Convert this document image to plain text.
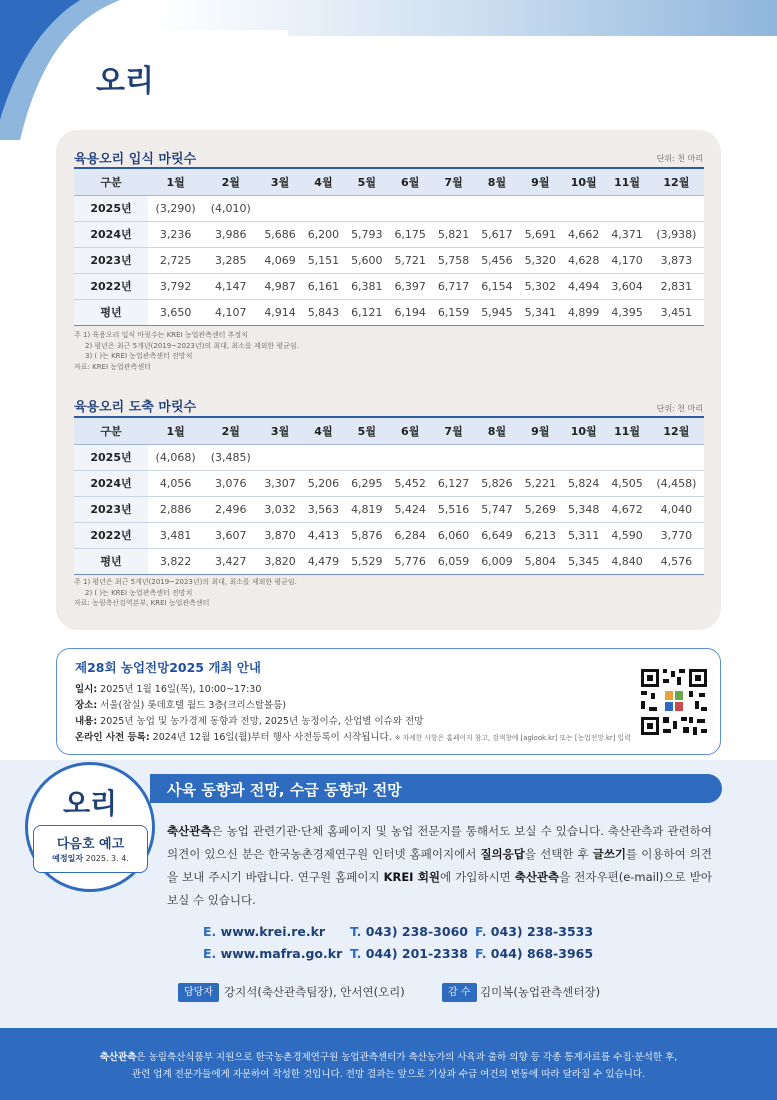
오리
육용오리 입식 마릿수	단위: 천 마리
구분	1월	2월	3월	4월	5월	6월	7월	8월	9월	10월	11월	12월
2025년	(3,290)	(4,010)										
2024년	3,236	3,986	5,686	6,200	5,793	6,175	5,821	5,617	5,691	4,662	4,371	(3,938)
2023년	2,725	3,285	4,069	5,151	5,600	5,721	5,758	5,456	5,320	4,628	4,170	3,873
2022년	3,792	4,147	4,987	6,161	6,381	6,397	6,717	6,154	5,302	4,494	3,604	2,831
평년	3,650	4,107	4,914	5,843	6,121	6,194	6,159	5,945	5,341	4,899	4,395	3,451
주 1) 육용오리 입식 마릿수는 KREI 농업관측센터 추정치
2) 평년은 최근 5개년(2019~2023년)의 최대, 최소를 제외한 평균임.
3) ( )는 KREI 농업관측센터 전망치
자료: KREI 농업관측센터
육용오리 도축 마릿수	단위: 천 마리
구분	1월	2월	3월	4월	5월	6월	7월	8월	9월	10월	11월	12월
2025년	(4,068)	(3,485)										
2024년	4,056	3,076	3,307	5,206	6,295	5,452	6,127	5,826	5,221	5,824	4,505	(4,458)
2023년	2,886	2,496	3,032	3,563	4,819	5,424	5,516	5,747	5,269	5,348	4,672	4,040
2022년	3,481	3,607	3,870	4,413	5,876	6,284	6,060	6,649	6,213	5,311	4,590	3,770
평년	3,822	3,427	3,820	4,479	5,529	5,776	6,059	6,009	5,804	5,345	4,840	4,576
주 1) 평년은 최근 5개년(2019~2023년)의 최대, 최소를 제외한 평균임.
2) ( )는 KREI 농업관측센터 전망치
자료: 농림축산검역본부, KREI 농업관측센터
제28회 농업전망2025 개최 안내
일시: 2025년 1월 16일(목), 10:00~17:30
장소: 서울(잠실) 롯데호텔 월드 3층(크리스탈볼룸)
내용: 2025년 농업 및 농가경제 동향과 전망, 2025년 농정이슈, 산업별 이슈와 전망
온라인 사전 등록: 2024년 12월 16일(월)부터 행사 사전등록이 시작됩니다. ※ 자세한 사항은 홈페이지 참고, 검색창에 [aglook.kr] 또는 [농업전망.kr] 입력
오리
다음호 예고
예정일자 2025. 3. 4.
사육 동향과 전망, 수급 동향과 전망
축산관측은 농업 관련기관·단체 홈페이지 및 농업 전문지를 통해서도 보실 수 있습니다. 축산관측과 관련하여 의견이 있으신 분은 한국농촌경제연구원 인터넷 홈페이지에서 질의응답을 선택한 후 글쓰기를 이용하여 의견을 보내 주시기 바랍니다. 연구원 홈페이지 KREI 회원에 가입하시면 축산관측을 전자우편(e-mail)으로 받아보실 수 있습니다.
E. www.krei.re.kr T. 043) 238-3060 F. 043) 238-3533
E. www.mafra.go.kr T. 044) 201-2338 F. 044) 868-3965
담당자 강지석(축산관측팀장), 안서연(오리)	감 수 김미복(농업관측센터장)
축산관측은 농림축산식품부 지원으로 한국농촌경제연구원 농업관측센터가 축산농가의 사육과 출하 의향 등 각종 통계자료를 수집·분석한 후,
관련 업계 전문가들에게 자문하여 작성한 것입니다. 전망 결과는 앞으로 기상과 수급 여건의 변동에 따라 달라질 수 있습니다.
